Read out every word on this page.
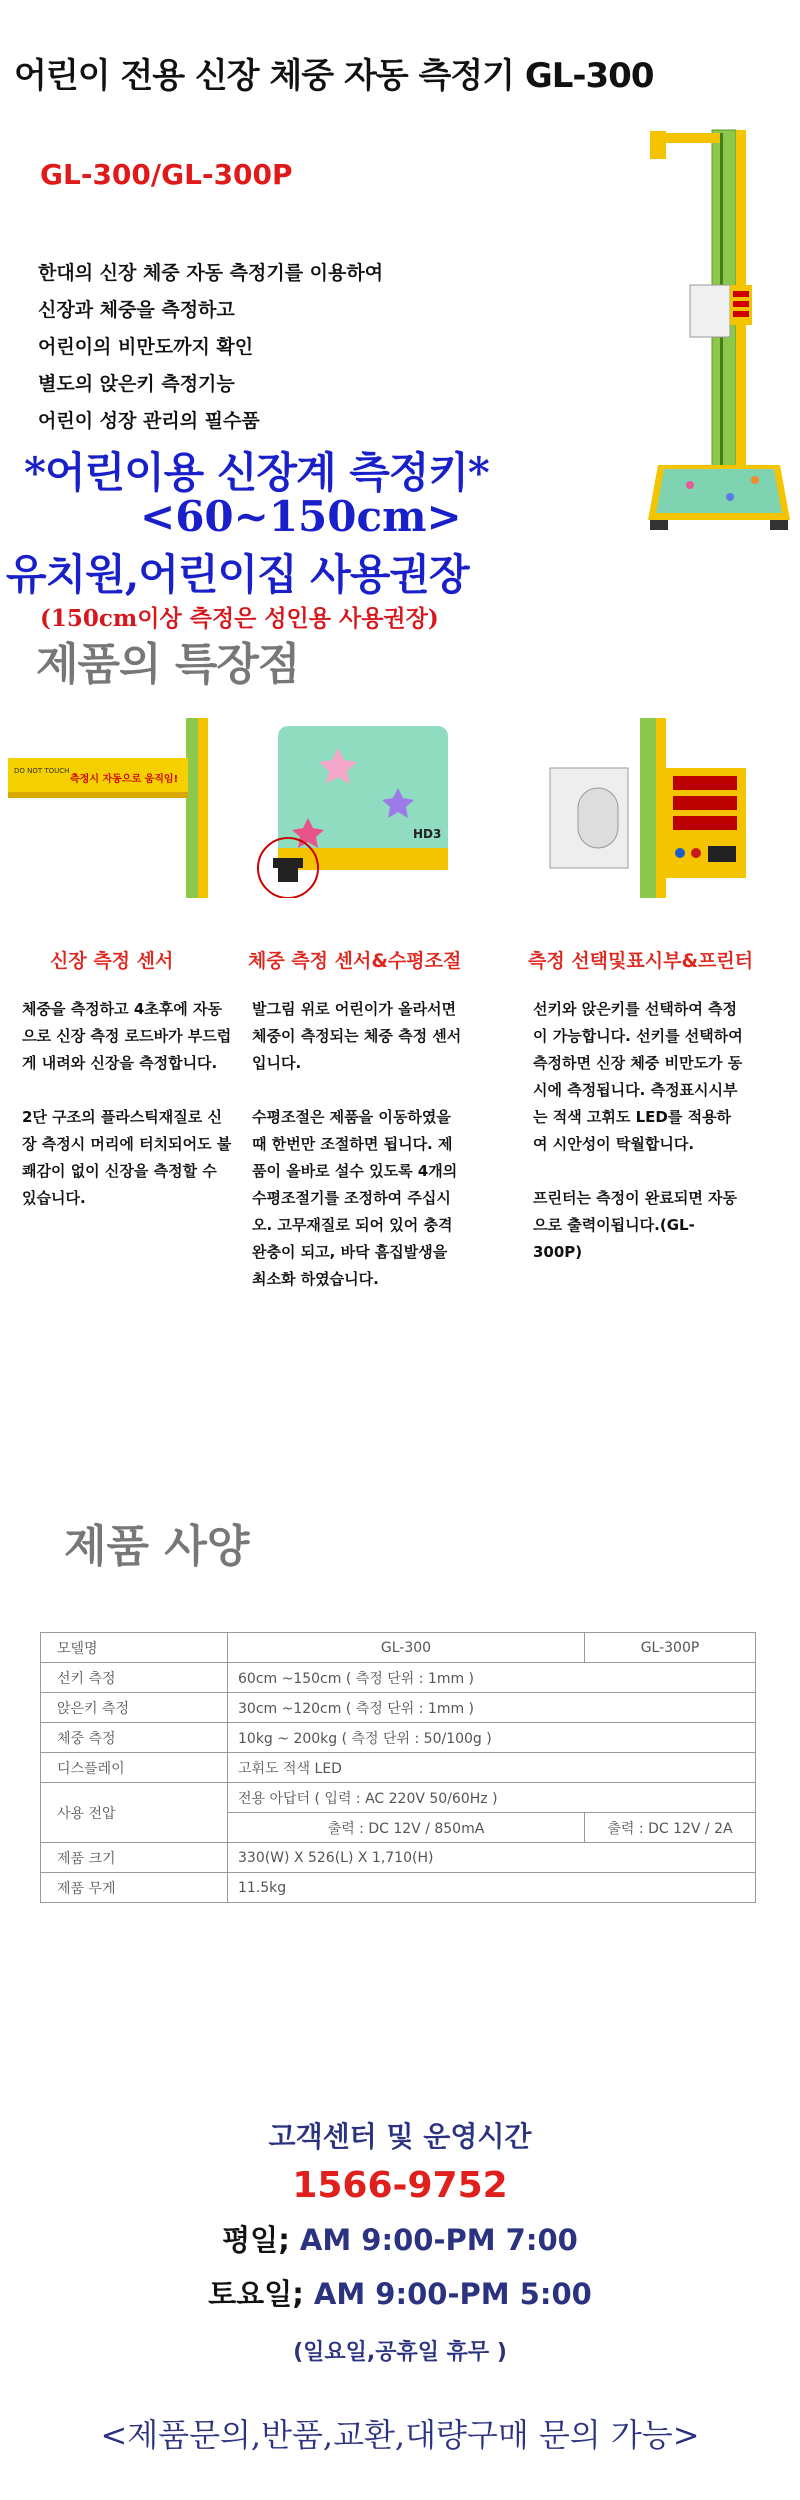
어린이 전용 신장 체중 자동 측정기 GL-300
GL-300/GL-300P
한대의 신장 체중 자동 측정기를 이용하여
신장과 체중을 측정하고
어린이의 비만도까지 확인
별도의 앉은키 측정기능
어린이 성장 관리의 필수품
*어린이용 신장계 측정키*
<60~150cm>
유치원,어린이집 사용권장
(150cm이상 측정은 성인용 사용권장)
제품의 특장점
DO NOT TOUCH
측정시 자동으로 움직임!
HD3
신장 측정 센서	체중 측정 센서&수평조절	측정 선택및표시부&프린터

체중을 측정하고 4초후에 자동으로 신장 측정 로드바가 부드럽게 내려와 신장을 측정합니다.

2단 구조의 플라스틱재질로 신장 측정시 머리에 터치되어도 불쾌감이 없이 신장을 측정할 수 있습니다.

발그림 위로 어린이가 올라서면 체중이 측정되는 체중 측정 센서 입니다.

수평조절은 제품을 이동하였을 때 한번만 조절하면 됩니다. 제품이 올바로 설수 있도록 4개의 수평조절기를 조정하여 주십시오. 고무재질로 되어 있어 충격 완충이 되고, 바닥 흠집발생을 최소화 하였습니다.

선키와 앉은키를 선택하여 측정이 가능합니다. 선키를 선택하여 측정하면 신장 체중 비만도가 동시에 측정됩니다. 측정표시시부는 적색 고휘도 LED를 적용하여 시안성이 탁월합니다.

프린터는 측정이 완료되면 자동으로 출력이됩니다.(GL-300P)

제품 사양
모델명	GL-300	GL-300P
선키 측정	60cm ~150cm ( 측정 단위 : 1mm )	
앉은키 측정	30cm ~120cm ( 측정 단위 : 1mm )	
체중 측정	10kg ~ 200kg ( 측정 단위 : 50/100g )	
디스플레이	고휘도 적색 LED	
사용 전압	전용 아답터 ( 입력 : AC 220V 50/60Hz )	
	출력 : DC 12V / 850mA	출력 : DC 12V / 2A
제품 크기	330(W) X 526(L) X 1,710(H)	
제품 무게	11.5kg	
고객센터 및 운영시간
1566-9752
평일; AM 9:00-PM 7:00
토요일; AM 9:00-PM 5:00
(일요일,공휴일 휴무 )
<제품문의,반품,교환,대량구매 문의 가능>
